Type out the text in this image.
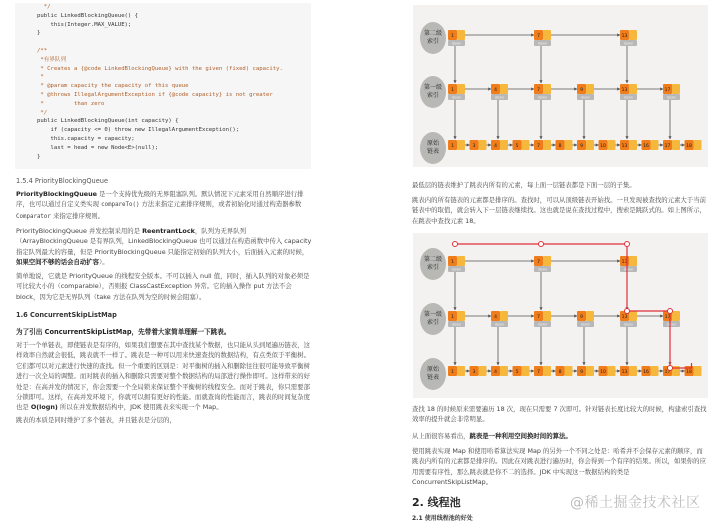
*/
public LinkedBlockingQueue() {
this(Integer.MAX_VALUE);
}

/**
*有界队列
* Creates a {@code LinkedBlockingQueue} with the given (fixed) capacity.
*
* @param capacity the capacity of this queue
* @throws IllegalArgumentException if {@code capacity} is not greater
*         than zero
*/
public LinkedBlockingQueue(int capacity) {
if (capacity <= 0) throw new IllegalArgumentException();
this.capacity = capacity;
last = head = new Node<E>(null);
}
1.5.4 PriorityBlockingQueue
PriorityBlockingQueue 是一个支持优先级的无界阻塞队列。默认情况下元素采用自然顺序进行排序，也可以通过自定义类实现 compareTo() 方法来指定元素排序规则，或者初始化时通过构造器参数 Comparator 来指定排序规则。
PriorityBlockingQueue 并发控制采用的是 ReentrantLock，队列为无界队列（ArrayBlockingQueue 是有界队列，LinkedBlockingQueue 也可以通过在构造函数中传入 capacity 指定队列最大的容量，但是 PriorityBlockingQueue 只能指定初始的队列大小，后面插入元素的时候，如果空间不够的话会自动扩容）。
简单地说，它就是 PriorityQueue 的线程安全版本。不可以插入 null 值，同时，插入队列的对象必须是可比较大小的（comparable），否则报 ClassCastException 异常。它的插入操作 put 方法不会 block，因为它是无界队列（take 方法在队列为空的时候会阻塞）。
1.6 ConcurrentSkipListMap
为了引出 ConcurrentSkipListMap，先带着大家简单理解一下跳表。
对于一个单链表，即使链表是有序的，如果我们想要在其中查找某个数据，也只能从头到尾遍历链表，这样效率自然就会很低，跳表就不一样了。跳表是一种可以用来快速查找的数据结构，有点类似于平衡树。它们都可以对元素进行快速的查找。但一个重要的区别是：对平衡树的插入和删除往往很可能导致平衡树进行一次全局的调整。而对跳表的插入和删除只需要对整个数据结构的局部进行操作即可。这样带来的好处是：在高并发的情况下，你会需要一个全局锁来保证整个平衡树的线程安全。而对于跳表，你只需要部分锁即可。这样，在高并发环境下，你就可以拥有更好的性能。而就查询的性能而言，跳表的时间复杂度也是 O(logn) 所以在并发数据结构中，JDK 使用跳表来实现一个 Map。
跳表的本质是同时维护了多个链表，并且链表是分层的，
down
1
down
7
down
13
down
1
down
4
down
7
down
9
down
13
down
17
1	3	4	5	7	8	9	10	13	16	17	18
第二级索引
第一级索引
原始链表
最低层的链表维护了跳表内所有的元素，每上面一层链表都是下面一层的子集。
跳表内的所有链表的元素都是排序的。查找时，可以从顶级链表开始找。一旦发现被查找的元素大于当前链表中的取值，就会转入下一层链表继续找。这也就是说在查找过程中，搜索是跳跃式的。如上图所示，在跳表中查找元素 18。
down
1
down
7
down
13
down
1
down
4
down
7
down
9
down
13
down
17
1	3	4	5	7	8	9	10	13	16	17	18
第二级索引
第一级索引
原始链表
查找 18 的时候原来需要遍历 18 次，现在只需要 7 次即可。针对链表长度比较大的时候，构建索引查找效率的提升就会非常明显。
从上面很容易看出，跳表是一种利用空间换时间的算法。
使用跳表实现 Map 和使用哈希算法实现 Map 的另外一个不同之处是：哈希并不会保存元素的顺序，而跳表内所有的元素都是排序的。因此在对跳表进行遍历时，你会得到一个有序的结果。所以，如果你的应用需要有序性，那么跳表就是你不二的选择。JDK 中实现这一数据结构的类是 ConcurrentSkipListMap。
2. 线程池
2.1 使用线程池的好处
@稀土掘金技术社区
